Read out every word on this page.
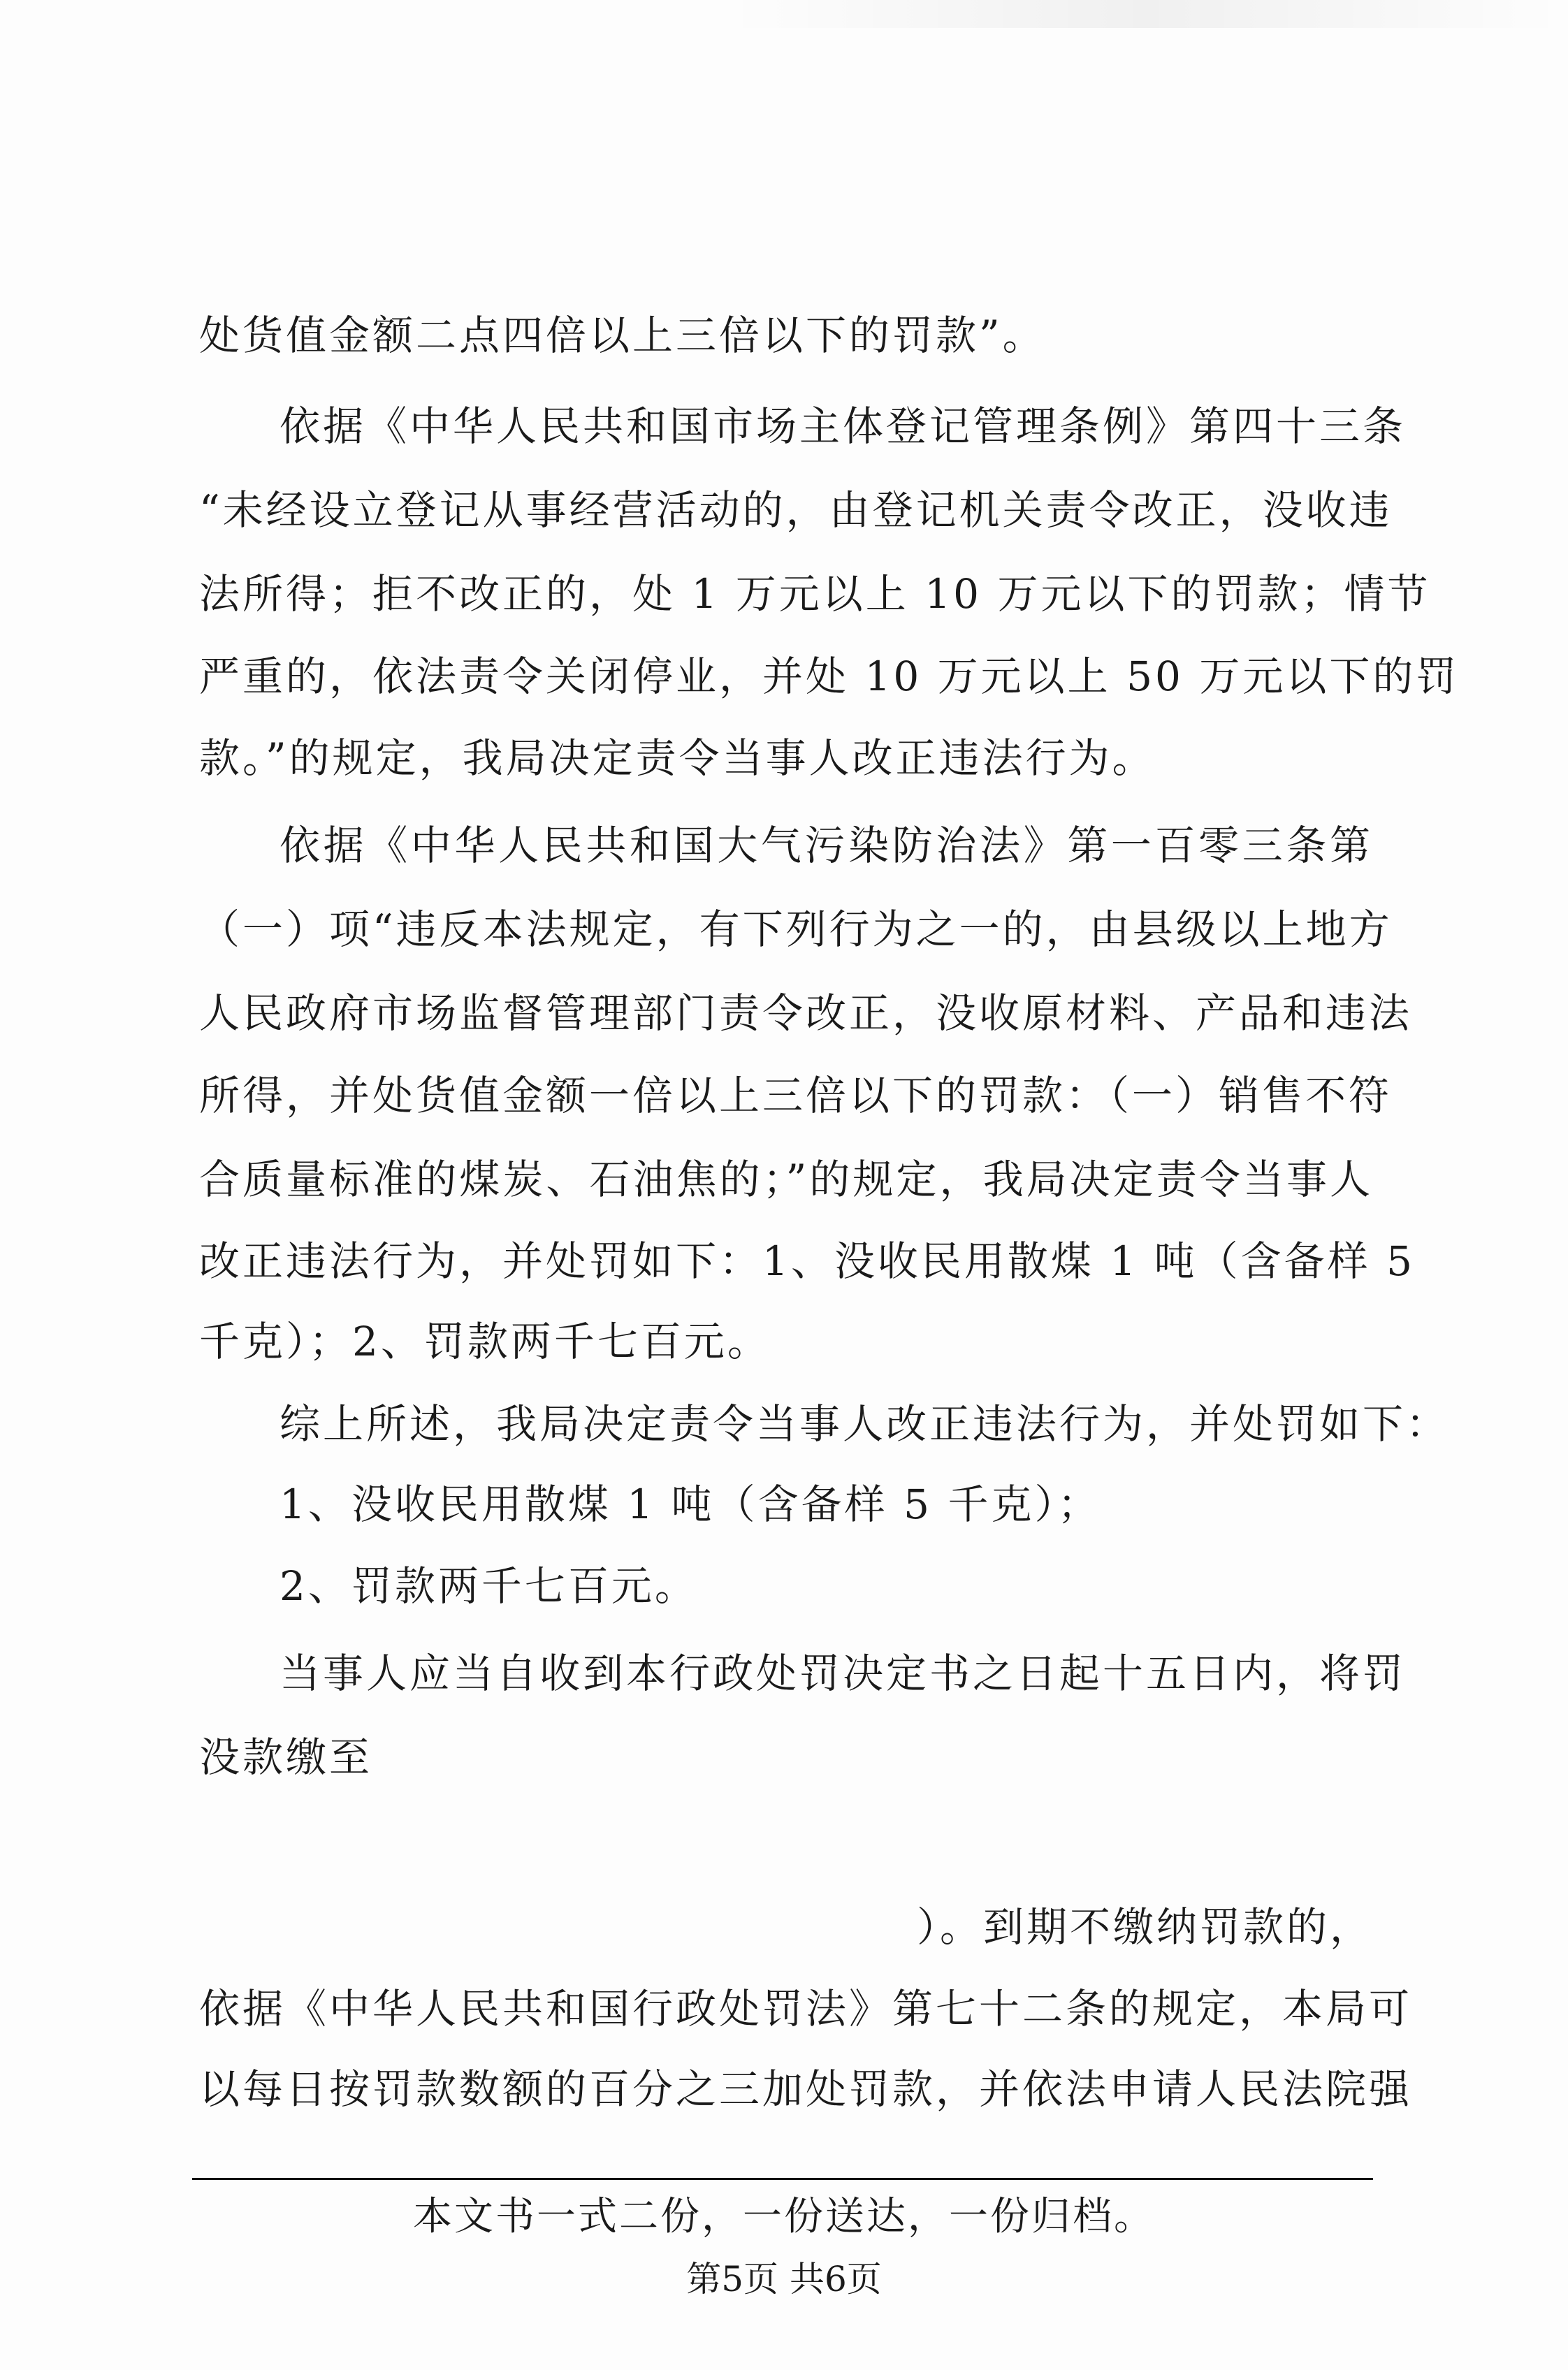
处货值金额二点四倍以上三倍以下的罚款”。
依据《中华人民共和国市场主体登记管理条例》第四十三条
“未经设立登记从事经营活动的，由登记机关责令改正，没收违
法所得；拒不改正的，处 1 万元以上 10 万元以下的罚款；情节
严重的，依法责令关闭停业，并处 10 万元以上 50 万元以下的罚
款。”的规定，我局决定责令当事人改正违法行为。
依据《中华人民共和国大气污染防治法》第一百零三条第
（一）项“违反本法规定，有下列行为之一的，由县级以上地方
人民政府市场监督管理部门责令改正，没收原材料、产品和违法
所得，并处货值金额一倍以上三倍以下的罚款：（一）销售不符
合质量标准的煤炭、石油焦的；”的规定，我局决定责令当事人
改正违法行为，并处罚如下：1、没收民用散煤 1 吨（含备样 5
千克）；2、罚款两千七百元。
综上所述，我局决定责令当事人改正违法行为，并处罚如下：
1、没收民用散煤 1 吨（含备样 5 千克）；
2、罚款两千七百元。
当事人应当自收到本行政处罚决定书之日起十五日内，将罚
没款缴至
）。到期不缴纳罚款的，
依据《中华人民共和国行政处罚法》第七十二条的规定，本局可
以每日按罚款数额的百分之三加处罚款，并依法申请人民法院强
本文书一式二份，一份送达，一份归档。
第5页 共6页
